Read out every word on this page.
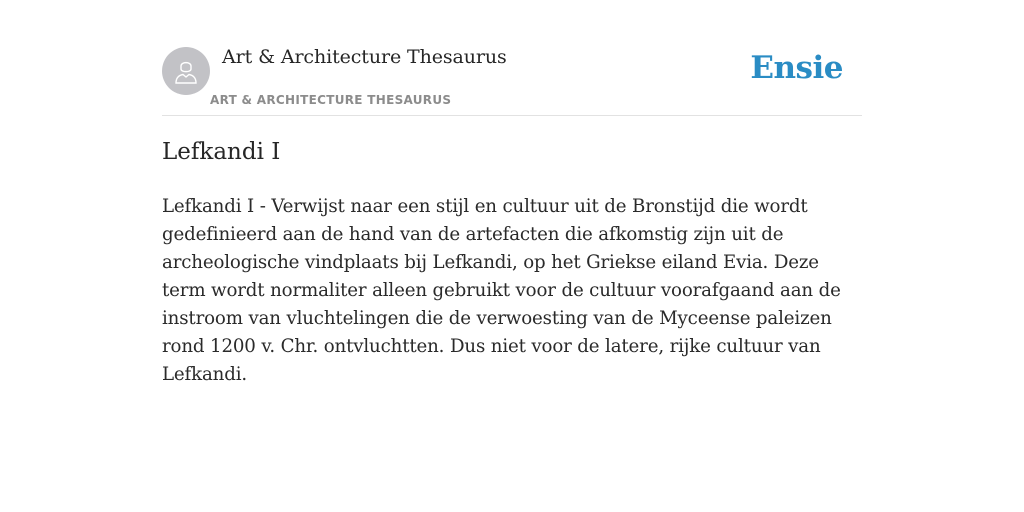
Art & Architecture Thesaurus
ART & ARCHITECTURE THESAURUS
Ensie
Lefkandi I

Lefkandi I - Verwijst naar een stijl en cultuur uit de Bronstijd die wordt gedefinieerd aan de hand van de artefacten die afkomstig zijn uit de archeologische vindplaats bij Lefkandi, op het Griekse eiland Evia. Deze term wordt normaliter alleen gebruikt voor de cultuur voorafgaand aan de instroom van vluchtelingen die de verwoesting van de Myceense paleizen rond 1200 v. Chr. ontvluchtten. Dus niet voor de latere, rijke cultuur van Lefkandi.
